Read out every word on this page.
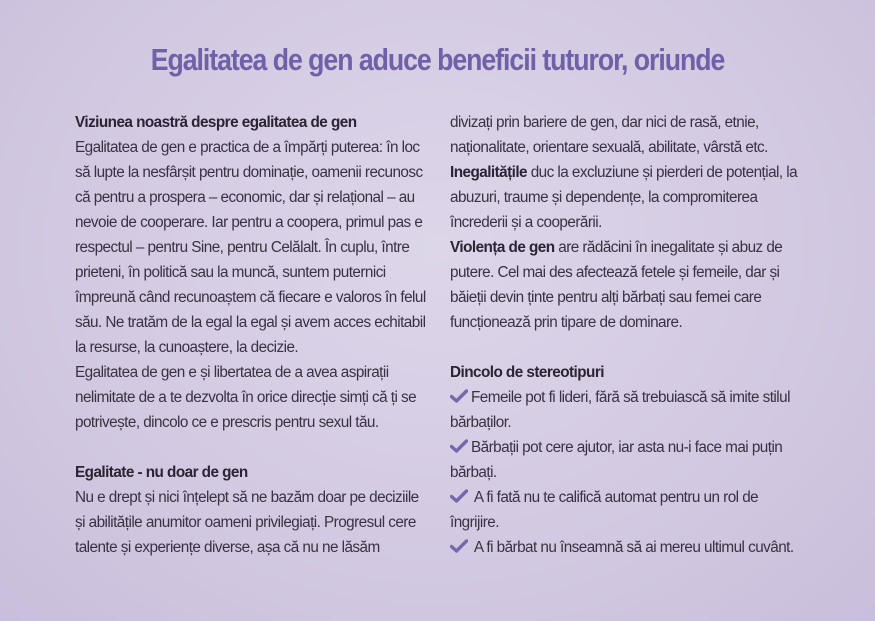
Egalitatea de gen aduce beneficii tuturor, oriunde
Viziunea noastră despre egalitatea de gen

Egalitatea de gen e practica de a împărți puterea: în loc să lupte la nesfârșit pentru dominație, oamenii recunosc că pentru a prospera – economic, dar și relațional – au nevoie de cooperare. Iar pentru a coopera, primul pas e respectul – pentru Sine, pentru Celălalt. În cuplu, între prieteni, în politică sau la muncă, suntem puternici împreună când recunoaștem că fiecare e valoros în felul său. Ne tratăm de la egal la egal și avem acces echitabil la resurse, la cunoaștere, la decizie.

Egalitatea de gen e și libertatea de a avea aspirații nelimitate de a te dezvolta în orice direcție simți că ți se potrivește, dincolo ce e prescris pentru sexul tău.

Egalitate - nu doar de gen

Nu e drept și nici înțelept să ne bazăm doar pe deciziile și abilitățile anumitor oameni privilegiați. Progresul cere talente și experiențe diverse, așa că nu ne lăsăm

divizați prin bariere de gen, dar nici de rasă, etnie, naționalitate, orientare sexuală, abilitate, vârstă etc.

Inegalitățile duc la excluziune și pierderi de potențial, la abuzuri, traume și dependențe, la compromiterea încrederii și a cooperării.

Violența de gen are rădăcini în inegalitate și abuz de putere. Cel mai des afectează fetele și femeile, dar și băieții devin ținte pentru alți bărbați sau femei care funcționează prin tipare de dominare.

Dincolo de stereotipuri
Femeile pot fi lideri, fără să trebuiască să imite stilul bărbaților.
Bărbații pot cere ajutor, iar asta nu-i face mai puțin bărbați.
A fi fată nu te califică automat pentru un rol de îngrijire.
A fi bărbat nu înseamnă să ai mereu ultimul cuvânt.
